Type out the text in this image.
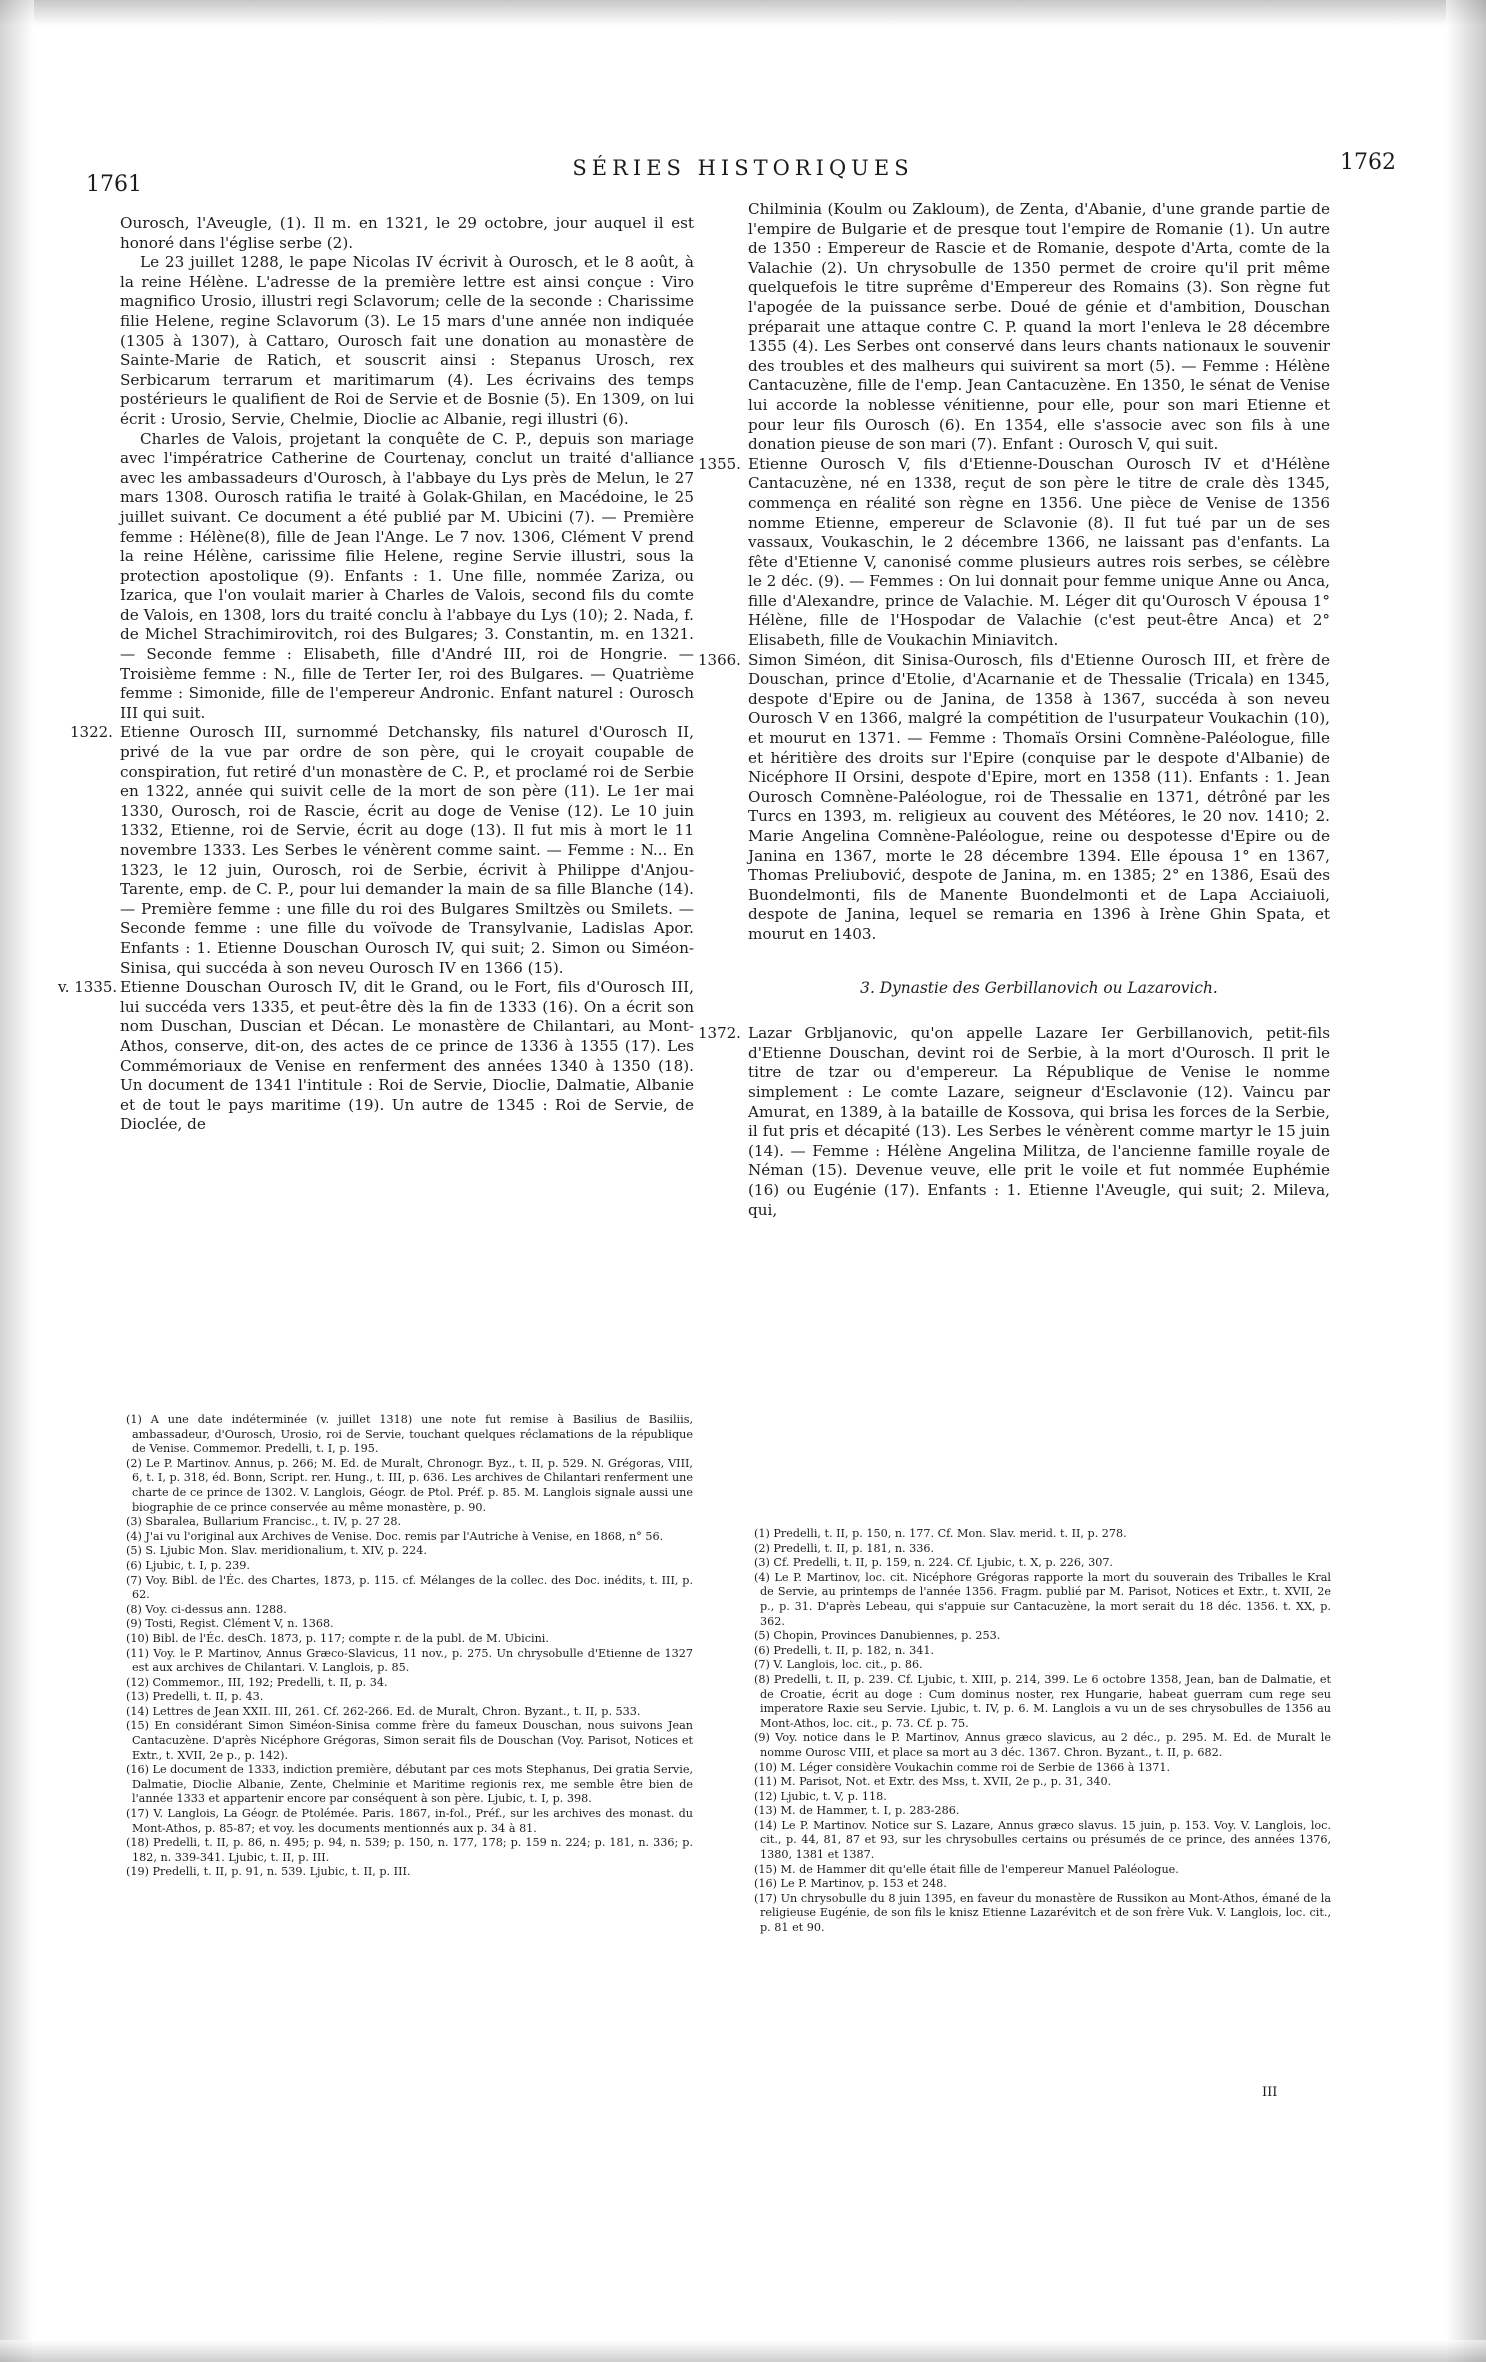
1761
SÉRIES HISTORIQUES	1762

Ourosch, l'Aveugle, (1). Il m. en 1321, le 29 octobre, jour auquel il est honoré dans l'église serbe (2).

Le 23 juillet 1288, le pape Nicolas IV écrivit à Ourosch, et le 8 août, à la reine Hélène. L'adresse de la première lettre est ainsi conçue : Viro magnifico Urosio, illustri regi Sclavorum; celle de la seconde : Charissime filie Helene, regine Sclavorum (3). Le 15 mars d'une année non indiquée (1305 à 1307), à Cattaro, Ourosch fait une donation au monastère de Sainte-Marie de Ratich, et souscrit ainsi : Stepanus Urosch, rex Serbicarum terrarum et maritimarum (4). Les écrivains des temps postérieurs le qualifient de Roi de Servie et de Bosnie (5). En 1309, on lui écrit : Urosio, Servie, Chelmie, Dioclie ac Albanie, regi illustri (6).

Charles de Valois, projetant la conquête de C. P., depuis son mariage avec l'impératrice Catherine de Courtenay, conclut un traité d'alliance avec les ambassadeurs d'Ourosch, à l'abbaye du Lys près de Melun, le 27 mars 1308. Ourosch ratifia le traité à Golak-Ghilan, en Macédoine, le 25 juillet suivant. Ce document a été publié par M. Ubicini (7). — Première femme : Hélène(8), fille de Jean l'Ange. Le 7 nov. 1306, Clément V prend la reine Hélène, carissime filie Helene, regine Servie illustri, sous la protection apostolique (9). Enfants : 1. Une fille, nommée Zariza, ou Izarica, que l'on voulait marier à Charles de Valois, second fils du comte de Valois, en 1308, lors du traité conclu à l'abbaye du Lys (10); 2. Nada, f. de Michel Strachimirovitch, roi des Bulgares; 3. Constantin, m. en 1321. — Seconde femme : Elisabeth, fille d'André III, roi de Hongrie. — Troisième femme : N., fille de Terter Ier, roi des Bulgares. — Quatrième femme : Simonide, fille de l'empereur Andronic. Enfant naturel : Ourosch III qui suit.

1322. Etienne Ourosch III, surnommé Detchansky, fils naturel d'Ourosch II, privé de la vue par ordre de son père, qui le croyait coupable de conspiration, fut retiré d'un monastère de C. P., et proclamé roi de Serbie en 1322, année qui suivit celle de la mort de son père (11). Le 1er mai 1330, Ourosch, roi de Rascie, écrit au doge de Venise (12). Le 10 juin 1332, Etienne, roi de Servie, écrit au doge (13). Il fut mis à mort le 11 novembre 1333. Les Serbes le vénèrent comme saint. — Femme : N... En 1323, le 12 juin, Ourosch, roi de Serbie, écrivit à Philippe d'Anjou-Tarente, emp. de C. P., pour lui demander la main de sa fille Blanche (14). — Première femme : une fille du roi des Bulgares Smiltzès ou Smilets. — Seconde femme : une fille du voïvode de Transylvanie, Ladislas Apor. Enfants : 1. Etienne Douschan Ourosch IV, qui suit; 2. Simon ou Siméon-Sinisa, qui succéda à son neveu Ourosch IV en 1366 (15).

v. 1335. Etienne Douschan Ourosch IV, dit le Grand, ou le Fort, fils d'Ourosch III, lui succéda vers 1335, et peut-être dès la fin de 1333 (16). On a écrit son nom Duschan, Duscian et Décan. Le monastère de Chilantari, au Mont-Athos, conserve, dit-on, des actes de ce prince de 1336 à 1355 (17). Les Commémoriaux de Venise en renferment des années 1340 à 1350 (18). Un document de 1341 l'intitule : Roi de Servie, Dioclie, Dalmatie, Albanie et de tout le pays maritime (19). Un autre de 1345 : Roi de Servie, de Dioclée, de

(1) A une date indéterminée (v. juillet 1318) une note fut remise à Basilius de Basiliis, ambassadeur, d'Ourosch, Urosio, roi de Servie, touchant quelques réclamations de la république de Venise. Commemor. Predelli, t. I, p. 195.
(2) Le P. Martinov. Annus, p. 266; M. Ed. de Muralt, Chronogr. Byz., t. II, p. 529. N. Grégoras, VIII, 6, t. I, p. 318, éd. Bonn, Script. rer. Hung., t. III, p. 636. Les archives de Chilantari renferment une charte de ce prince de 1302. V. Langlois, Géogr. de Ptol. Préf. p. 85. M. Langlois signale aussi une biographie de ce prince conservée au même monastère, p. 90.
(3) Sbaralea, Bullarium Francisc., t. IV, p. 27 28.
(4) J'ai vu l'original aux Archives de Venise. Doc. remis par l'Autriche à Venise, en 1868, n° 56.
(5) S. Ljubic Mon. Slav. meridionalium, t. XIV, p. 224.
(6) Ljubic, t. I, p. 239.
(7) Voy. Bibl. de l'Éc. des Chartes, 1873, p. 115. cf. Mélanges de la collec. des Doc. inédits, t. III, p. 62.
(8) Voy. ci-dessus ann. 1288.
(9) Tosti, Regist. Clément V, n. 1368.
(10) Bibl. de l'Éc. desCh. 1873, p. 117; compte r. de la publ. de M. Ubicini.
(11) Voy. le P. Martinov, Annus Græco-Slavicus, 11 nov., p. 275. Un chrysobulle d'Etienne de 1327 est aux archives de Chilantari. V. Langlois, p. 85.
(12) Commemor., III, 192; Predelli, t. II, p. 34.
(13) Predelli, t. II, p. 43.
(14) Lettres de Jean XXII. III, 261. Cf. 262-266. Ed. de Muralt, Chron. Byzant., t. II, p. 533.
(15) En considérant Simon Siméon-Sinisa comme frère du fameux Douschan, nous suivons Jean Cantacuzène. D'après Nicéphore Grégoras, Simon serait fils de Douschan (Voy. Parisot, Notices et Extr., t. XVII, 2e p., p. 142).
(16) Le document de 1333, indiction première, débutant par ces mots Stephanus, Dei gratia Servie, Dalmatie, Dioclie Albanie, Zente, Chelminie et Maritime regionis rex, me semble être bien de l'année 1333 et appartenir encore par conséquent à son père. Ljubic, t. I, p. 398.
(17) V. Langlois, La Géogr. de Ptolémée. Paris. 1867, in-fol., Préf., sur les archives des monast. du Mont-Athos, p. 85-87; et voy. les documents mentionnés aux p. 34 à 81.
(18) Predelli, t. II, p. 86, n. 495; p. 94, n. 539; p. 150, n. 177, 178; p. 159 n. 224; p. 181, n. 336; p. 182, n. 339-341. Ljubic, t. II, p. III.
(19) Predelli, t. II, p. 91, n. 539. Ljubic, t. II, p. III.

Chilminia (Koulm ou Zakloum), de Zenta, d'Abanie, d'une grande partie de l'empire de Bulgarie et de presque tout l'empire de Romanie (1). Un autre de 1350 : Empereur de Rascie et de Romanie, despote d'Arta, comte de la Valachie (2). Un chrysobulle de 1350 permet de croire qu'il prit même quelquefois le titre suprême d'Empereur des Romains (3). Son règne fut l'apogée de la puissance serbe. Doué de génie et d'ambition, Douschan préparait une attaque contre C. P. quand la mort l'enleva le 28 décembre 1355 (4). Les Serbes ont conservé dans leurs chants nationaux le souvenir des troubles et des malheurs qui suivirent sa mort (5). — Femme : Hélène Cantacuzène, fille de l'emp. Jean Cantacuzène. En 1350, le sénat de Venise lui accorde la noblesse vénitienne, pour elle, pour son mari Etienne et pour leur fils Ourosch (6). En 1354, elle s'associe avec son fils à une donation pieuse de son mari (7). Enfant : Ourosch V, qui suit.

1355. Etienne Ourosch V, fils d'Etienne-Douschan Ourosch IV et d'Hélène Cantacuzène, né en 1338, reçut de son père le titre de crale dès 1345, commença en réalité son règne en 1356. Une pièce de Venise de 1356 nomme Etienne, empereur de Sclavonie (8). Il fut tué par un de ses vassaux, Voukaschin, le 2 décembre 1366, ne laissant pas d'enfants. La fête d'Etienne V, canonisé comme plusieurs autres rois serbes, se célèbre le 2 déc. (9). — Femmes : On lui donnait pour femme unique Anne ou Anca, fille d'Alexandre, prince de Valachie. M. Léger dit qu'Ourosch V épousa 1° Hélène, fille de l'Hospodar de Valachie (c'est peut-être Anca) et 2° Elisabeth, fille de Voukachin Miniavitch.

1366. Simon Siméon, dit Sinisa-Ourosch, fils d'Etienne Ourosch III, et frère de Douschan, prince d'Etolie, d'Acarnanie et de Thessalie (Tricala) en 1345, despote d'Epire ou de Janina, de 1358 à 1367, succéda à son neveu Ourosch V en 1366, malgré la compétition de l'usurpateur Voukachin (10), et mourut en 1371. — Femme : Thomaïs Orsini Comnène-Paléologue, fille et héritière des droits sur l'Epire (conquise par le despote d'Albanie) de Nicéphore II Orsini, despote d'Epire, mort en 1358 (11). Enfants : 1. Jean Ourosch Comnène-Paléologue, roi de Thessalie en 1371, détrôné par les Turcs en 1393, m. religieux au couvent des Météores, le 20 nov. 1410; 2. Marie Angelina Comnène-Paléologue, reine ou despotesse d'Epire ou de Janina en 1367, morte le 28 décembre 1394. Elle épousa 1° en 1367, Thomas Preliubović, despote de Janina, m. en 1385; 2° en 1386, Esaü des Buondelmonti, fils de Manente Buondelmonti et de Lapa Acciaiuoli, despote de Janina, lequel se remaria en 1396 à Irène Ghin Spata, et mourut en 1403.

3. Dynastie des Gerbillanovich ou Lazarovich.
1372. Lazar Grbljanovic, qu'on appelle Lazare Ier Gerbillanovich, petit-fils d'Etienne Douschan, devint roi de Serbie, à la mort d'Ourosch. Il prit le titre de tzar ou d'empereur. La République de Venise le nomme simplement : Le comte Lazare, seigneur d'Esclavonie (12). Vaincu par Amurat, en 1389, à la bataille de Kossova, qui brisa les forces de la Serbie, il fut pris et décapité (13). Les Serbes le vénèrent comme martyr le 15 juin (14). — Femme : Hélène Angelina Militza, de l'ancienne famille royale de Néman (15). Devenue veuve, elle prit le voile et fut nommée Euphémie (16) ou Eugénie (17). Enfants : 1. Etienne l'Aveugle, qui suit; 2. Mileva, qui,

(1) Predelli, t. II, p. 150, n. 177. Cf. Mon. Slav. merid. t. II, p. 278.
(2) Predelli, t. II, p. 181, n. 336.
(3) Cf. Predelli, t. II, p. 159, n. 224. Cf. Ljubic, t. X, p. 226, 307.
(4) Le P. Martinov, loc. cit. Nicéphore Grégoras rapporte la mort du souverain des Triballes le Kral de Servie, au printemps de l'année 1356. Fragm. publié par M. Parisot, Notices et Extr., t. XVII, 2e p., p. 31. D'après Lebeau, qui s'appuie sur Cantacuzène, la mort serait du 18 déc. 1356. t. XX, p. 362.
(5) Chopin, Provinces Danubiennes, p. 253.
(6) Predelli, t. II, p. 182, n. 341.
(7) V. Langlois, loc. cit., p. 86.
(8) Predelli, t. II, p. 239. Cf. Ljubic, t. XIII, p. 214, 399. Le 6 octobre 1358, Jean, ban de Dalmatie, et de Croatie, écrit au doge : Cum dominus noster, rex Hungarie, habeat guerram cum rege seu imperatore Raxie seu Servie. Ljubic, t. IV, p. 6. M. Langlois a vu un de ses chrysobulles de 1356 au Mont-Athos, loc. cit., p. 73. Cf. p. 75.
(9) Voy. notice dans le P. Martinov, Annus græco slavicus, au 2 déc., p. 295. M. Ed. de Muralt le nomme Ourosc VIII, et place sa mort au 3 déc. 1367. Chron. Byzant., t. II, p. 682.
(10) M. Léger considère Voukachin comme roi de Serbie de 1366 à 1371.
(11) M. Parisot, Not. et Extr. des Mss, t. XVII, 2e p., p. 31, 340.
(12) Ljubic, t. V, p. 118.
(13) M. de Hammer, t. I, p. 283-286.
(14) Le P. Martinov. Notice sur S. Lazare, Annus græco slavus. 15 juin, p. 153. Voy. V. Langlois, loc. cit., p. 44, 81, 87 et 93, sur les chrysobulles certains ou présumés de ce prince, des années 1376, 1380, 1381 et 1387.
(15) M. de Hammer dit qu'elle était fille de l'empereur Manuel Paléologue.
(16) Le P. Martinov, p. 153 et 248.
(17) Un chrysobulle du 8 juin 1395, en faveur du monastère de Russikon au Mont-Athos, émané de la religieuse Eugénie, de son fils le knisz Etienne Lazarévitch et de son frère Vuk. V. Langlois, loc. cit., p. 81 et 90.
III
